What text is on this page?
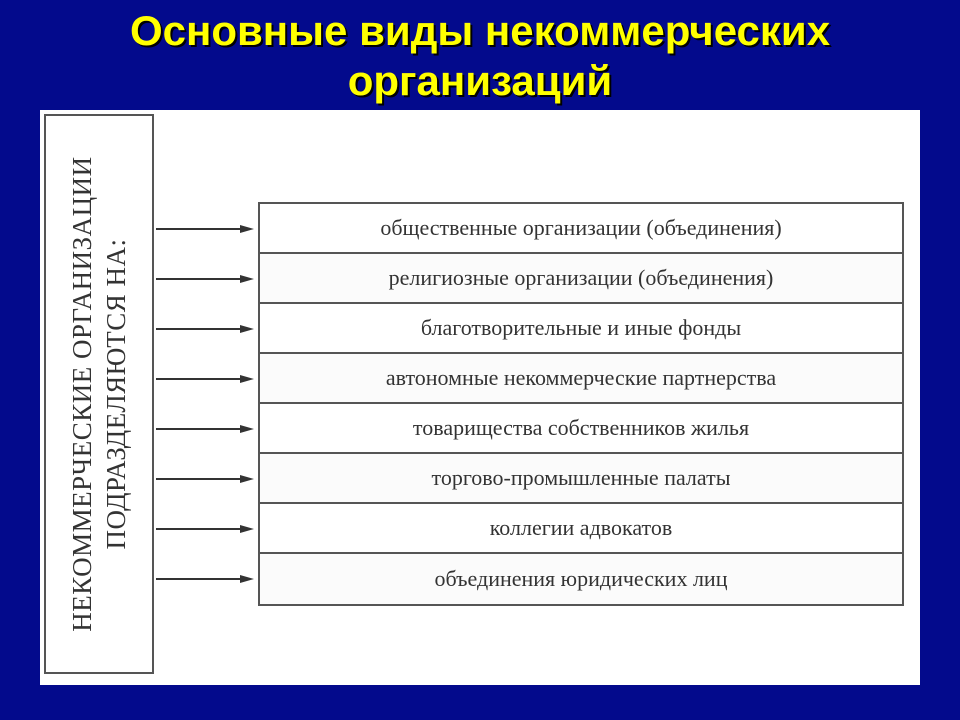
Основные виды некоммерческих
организаций
НЕКОММЕРЧЕСКИЕ ОРГАНИЗАЦИИ ПОДРАЗДЕЛЯЮТСЯ НА:
общественные организации (объединения)
религиозные организации (объединения)
благотворительные и иные фонды
автономные некоммерческие партнерства
товарищества собственников жилья
торгово-промышленные палаты
коллегии адвокатов
объединения юридических лиц
